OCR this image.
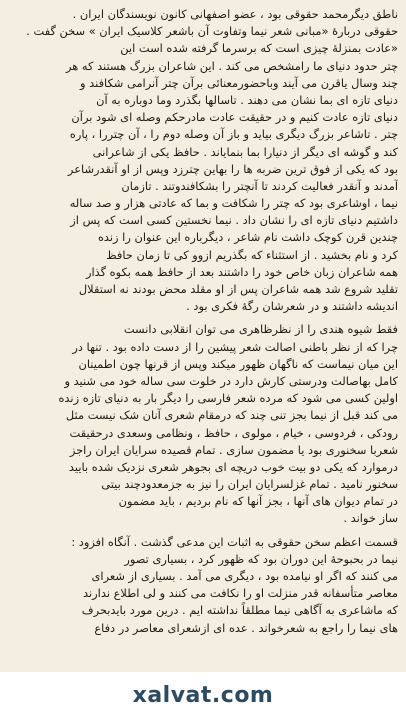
ناطق دیگرمحمد حقوقی بود ، عضو اصفهانی کانون نویسندگان ایران .
حقوقی دربارهٔ «مبانی شعر نیما وتفاوت آن باشعر کلاسیک ایران » سخن گفت .
«عادت بمنزلهٔ چیزی است که برسرما گرفته شده است این
چتر حدود دنیای ما رامشخص می کند . این شاعران بزرگ هستند که هر
چند وسال یاقرن می آیند وباحضورمعنائی برآن چتر آنرامی شکافند و
دنیای تازه ای بما نشان می دهند . تاسالها بگذرد وما دوباره به آن
دنیای تازه عادت کنیم و در حقیقت عادت مادرحکم وصله ای شود برآن
چتر . تاشاعر بزرگ دیگری بیاید و باز آن وصله دوم را ، آن چتررا ، پاره
کند و گوشه ای دیگر از دنیارا بما بنمایاند . حافظ یکی از شاعرانی
بود که یکی از فوق ترین ضربه ها را بهاین چترزد وپس از او آنقدرشاعر
آمدند و آنقدر فعالیت کردند تا آنچتر را بشکافندوتند . تازمان
نیما ، اوشاعری بود که چتر را شکافت و بما که عادتی هزار و صد ساله
داشتیم دنیای تازه ای را نشان داد . نیما نخستین کسی است که پس از
چندین قرن کوچک داشت نام شاعر ، دیگرباره این عنوان را زنده
کرد و نام بخشید . از استثناء که بگذریم ازوو کی تا زمان حافظ
همه شاعران زبان خاص خود را داشتند بعد از حافظ همه بکوه گذار
تقلید شروع شد همه شاعران پس از او مقلد محض بودند نه استقلال
اندیشه داشتند و در شعرشان رگهٔ فکری بود .
فقط شیوه هندی را از نظرظاهری می توان انقلابی دانست
چرا که از نظر باطنی اصالت شعر پیشین را از دست داده بود . تنها در
این میان نیماست که ناگهان ظهور میکند وپس از قرنها چون اطمینان
کامل بهاصالت ودرستی کارش دارد در خلوت سی ساله خود می شنید و
اولین کسی می شود که مرده شعر فارسی را دیگر بار به دنیای تازه زنده
می کند قبل از نیما بجز تنی چند که درمقام شعری آنان شک نیست مثل
رودکی ، فردوسی ، خیام ، مولوی ، حافظ ، ونظامی وسعدی درحقیقت
شعربا سخنوری بود یا مضمون سازی . تمام قصیده سرایان ایران راجز
درموارد که یکی دو بیت خوب دریچه ای بجوهر شعری نزدیک شده بایید
سخنور نامید . تمام غزلسرایان ایران را نیز به جزمعدودچند بیتی
در تمام دیوان های آنها ، بجز آنها که نام بردیم ، باید مضمون
ساز خواند .
قسمت اعظم سخن حقوقی به اثبات این مدعی گذشت . آنگاه افزود :
نیما در بحبوحهٔ این دوران بود که ظهور کرد ، بسیاری تصور
می کنند که اگر او نیامده بود ، دیگری می آمد . بسیاری از شعرای
معاصر متأسفانه قدر منزلت او را نکافت می کنند و لی اطلاع ندارند
که ماشاعری به آگاهی نیما مطلقاً نداشته ایم . درین مورد بایدبحرف
های نیما را راجع به شعرخواند . عده ای ازشعرای معاصر در دفاع
xalvat.com
